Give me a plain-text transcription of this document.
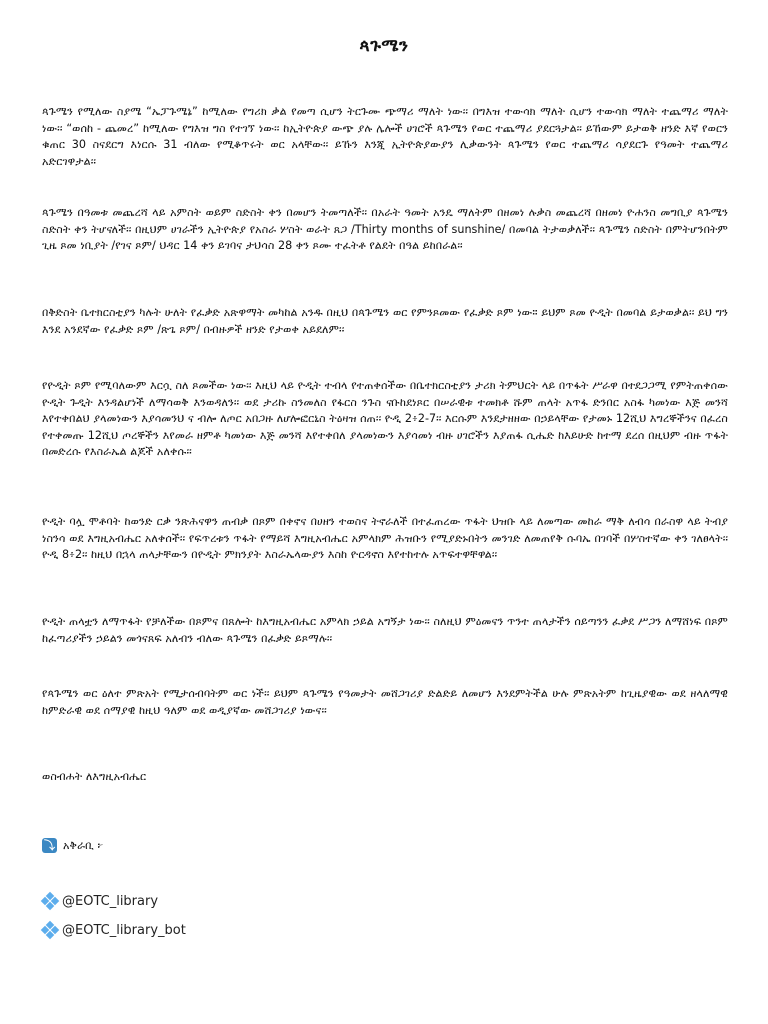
ጳጉሜን

ጳጉሜን የሚለው ስያሜ “ኤፓጉሜኔ” ከሚለው የግሪክ ቃል የመጣ ሲሆን ትርጉሙ ጭማሪ ማለት ነው፡፡ በግእዝ ተውሳክ ማለት ሲሆን ተውሳክ ማለት ተጨማሪ ማለት ነው፡፡ “ወሰከ - ጨመረ” ከሚለው የግእዝ ግስ የተገኘ ነው፡፡ ከኢትዮጵያ ውጭ ያሉ ሌሎች ሀገሮች ጳጉሜን የወር ተጨማሪ ያደርጓታል፡፡ ይኸውም ይታወቅ ዘንድ እኛ የወርን ቁጠር 30 ስናደርግ እነርሱ 31 ብለው የሚቆጥሩት ወር አላቸው፡፡ ይኹን እንጂ ኢትዮጵያውያን ሊቃውንት ጳጉሜን የወር ተጨማሪ ሳያደርጉ የዓመት ተጨማሪ አድርገዋታል፡፡

ጳጉሜን በዓመቱ መጨረሻ ላይ አምስት ወይም ስድስት ቀን በመሆን ትመጣለች፡፡ በአራት ዓመት አንዴ ማለትም በዘመነ ሉቃስ መጨረሻ በዘመነ ዮሐንስ መግቢያ ጳጉሜን ስድስት ቀን ትሆናለች፡፡ በዚህም ሀገራችን ኢትዮጵያ የአስራ ሦስት ወራት ጸጋ /Thirty months of sunshine/ በመባል ትታወቃለች፡፡ ጳጉሜን ስድስት በምትሆንበትም ጊዜ ጾመ ነቢያት /የገና ጾም/ ህዳር 14 ቀን ይገባና ታህሳስ 28 ቀን ጾሙ ተፈትቶ የልደት በዓል ይከበራል፡፡

በቅድስት ቤተክርስቲያን ካሉት ሁለት የፈቃድ አጽዋማት መካከል አንዱ በዚህ በጳጉሜን ወር የምንጾመው የፈቃድ ጾም ነው። ይህም ጾመ ዮዲት በመባል ይታወቃል፡፡ ይህ ግን እንደ አንደኛው የፈቃድ ጾም /ጽጌ ጾም/ በብዙዎች ዘንድ የታወቀ አይደለም፡፡

የዮዲት ጾም የሚባለውም እርሷ ስለ ጾመችው ነው፡፡ እዚህ ላይ ዮዲት ተብላ የተጠቀሰችው በቤተክርስቲያን ታሪክ ትምህርት ላይ በጥፋት ሥራዋ በተደጋጋሚ የምትጠቀሰው ዮዲት ጉዲት እንዳልሆነች ለማሳወቅ እንወዳለን፡፡ ወደ ታሪኩ ስንመለስ የፋርስ ንጉስ ናቡከደነጾር በሠራዊቱ ተመክቶ ሹም ጠላት አጥፋ ድንበር አስፋ ካመነው እጅ መንሻ እየተቀበልህ ያላመነውን እያሳመንህ ና ብሎ ለጦር አበጋዙ ለሆሎፎርኒስ ትዕዛዝ ሰጠ፡፡ ዮዲ 2፥2-7፡፡ እርሱም እንደታዘዘው በኃይላቸው የታመኑ 12ሺህ እግረኞችንና በፈረስ የተቀመጡ 12ሺህ ጦረኞችን እየመራ ዘምቶ ካመነው እጅ መንሻ እየተቀበለ ያላመነውን እያሳመነ ብዙ ሀገሮችን እያጠፋ ሲሔድ ከእይሁድ ከተማ ደረሰ በዚህም ብዙ ጥፋት በመድረሱ የእስራኤል ልጆች አለቀሱ፡፡

ዮዲት ባሏ ሞቶባት ከወንድ ርቃ ንጽሕናዋን ጠብቃ በጾም በቀኖና በሀዘን ተወስና ትኖራለች በተፈጠረው ጥፋት ህዝቡ ላይ ለመጣው መከራ ማቅ ለብሳ በራስዋ ላይ ትብያ ነስንሳ ወደ እግዚአብሔር አለቀሰች፡፡ የፍጥረቱን ጥፋት የማይሻ እግዚአብሔር አምላክም ሕዝቡን የሚያድኑበትን መንገድ ለመጠየቅ ሱባኤ በገባች በሦስተኛው ቀን ገለፀላት፡፡ ዮዲ 8፥2፡፡ ከዚህ በኋላ ጠላታቸውን በዮዲት ምክንያት እስራኤላውያን እስከ ዮርዳኖስ እየተከተሉ አጥፍተዋቸዋል፡፡

ዮዲት ጠላቷን ለማጥፋት የቻለችው በጾምና በጸሎት ከእግዚአብሔር አምላክ ኃይል አግኝታ ነው፡፡ ስለዚህ ምዕመናን ጥንተ ጠላታችን ሰይጣንን ፈቃደ ሥጋን ለማሸነፍ በጾም ከፈጣሪያችን ኃይልን መጎናጸፍ አለብን ብለው ጳጉሜን በፈቃድ ይጾማሉ፡፡

የጳጉሜን ወር ዕለተ ምጽአት የሚታሰብባትም ወር ነች፡፡ ይህም ጳጉሜን የዓመታት መሸጋገሪያ ድልድይ ለመሆን እንደምትችል ሁሉ ምጽአትም ከጊዜያዊው ወደ ዘላለማዊ ከምድራዊ ወደ ሰማያዊ ከዚህ ዓለም ወደ ወዲያኛው መሸጋገሪያ ነውና፡፡

ወስብሐት ለእግዚአብሔር
⤵ አቅራቢ ፦
@EOTC_library
@EOTC_library_bot
